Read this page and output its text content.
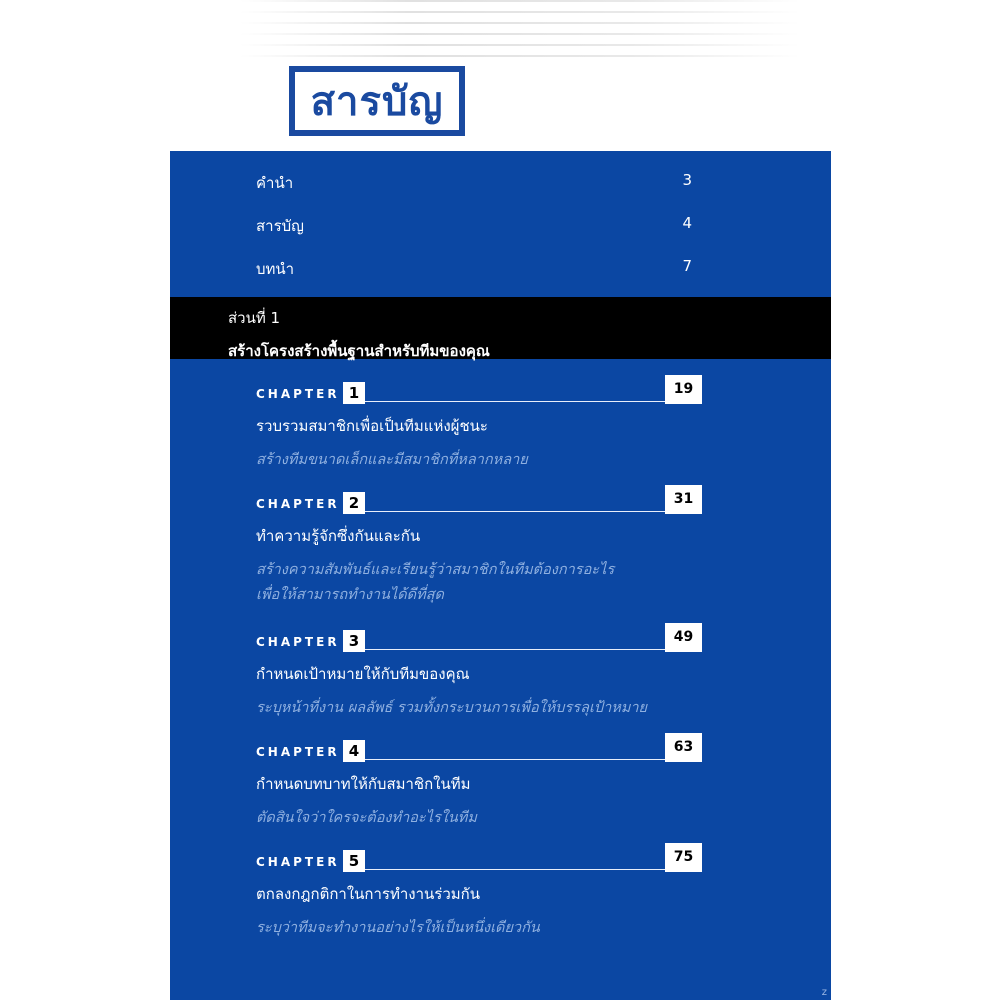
สารบัญ
คำนำ	3
สารบัญ	4
บทนำ	7
ส่วนที่ 1
สร้างโครงสร้างพื้นฐานสำหรับทีมของคุณ
CHAPTER 1	19
รวบรวมสมาชิกเพื่อเป็นทีมแห่งผู้ชนะ
สร้างทีมขนาดเล็กและมีสมาชิกที่หลากหลาย
CHAPTER 2	31
ทำความรู้จักซึ่งกันและกัน
สร้างความสัมพันธ์และเรียนรู้ว่าสมาชิกในทีมต้องการอะไร
เพื่อให้สามารถทำงานได้ดีที่สุด
CHAPTER 3	49
กำหนดเป้าหมายให้กับทีมของคุณ
ระบุหน้าที่งาน ผลลัพธ์ รวมทั้งกระบวนการเพื่อให้บรรลุเป้าหมาย
CHAPTER 4	63
กำหนดบทบาทให้กับสมาชิกในทีม
ตัดสินใจว่าใครจะต้องทำอะไรในทีม
CHAPTER 5	75
ตกลงกฎกติกาในการทำงานร่วมกัน
ระบุว่าทีมจะทำงานอย่างไรให้เป็นหนึ่งเดียวกัน
z
